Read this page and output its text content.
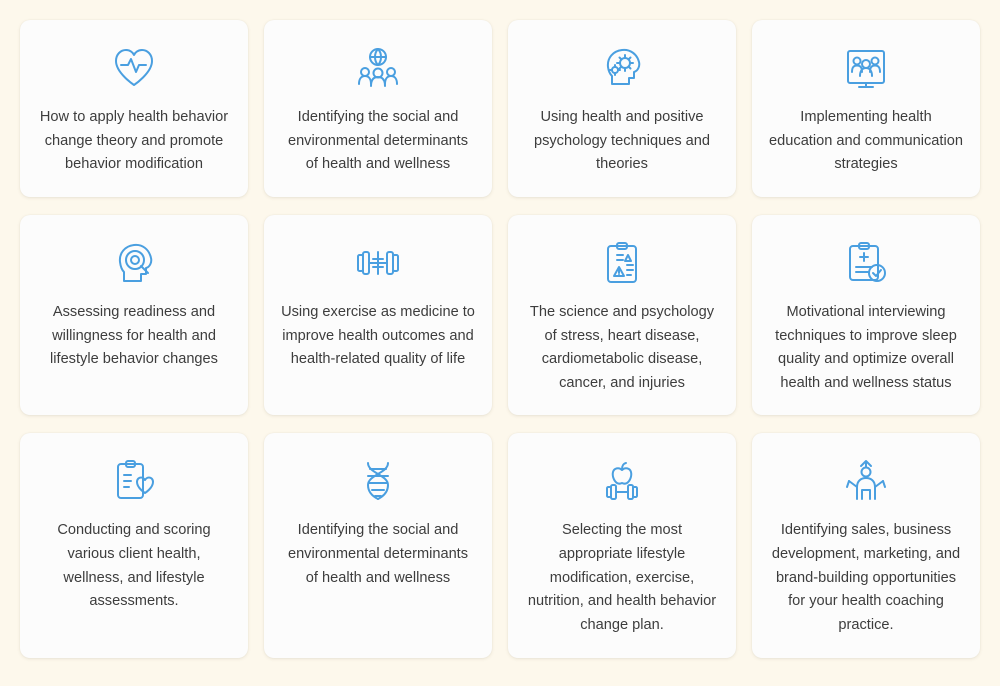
How to apply health behavior change theory and promote behavior modification
Identifying the social and environmental determinants of health and wellness
Using health and positive psychology techniques and theories
Implementing health education and communication strategies
Assessing readiness and willingness for health and lifestyle behavior changes
Using exercise as medicine to improve health outcomes and health-related quality of life
The science and psychology of stress, heart disease, cardiometabolic disease, cancer, and injuries
Motivational interviewing techniques to improve sleep quality and optimize overall health and wellness status
Conducting and scoring various client health, wellness, and lifestyle assessments.
Identifying the social and environmental determinants of health and wellness
Selecting the most appropriate lifestyle modification, exercise, nutrition, and health behavior change plan.
Identifying sales, business development, marketing, and brand-building opportunities for your health coaching practice.
